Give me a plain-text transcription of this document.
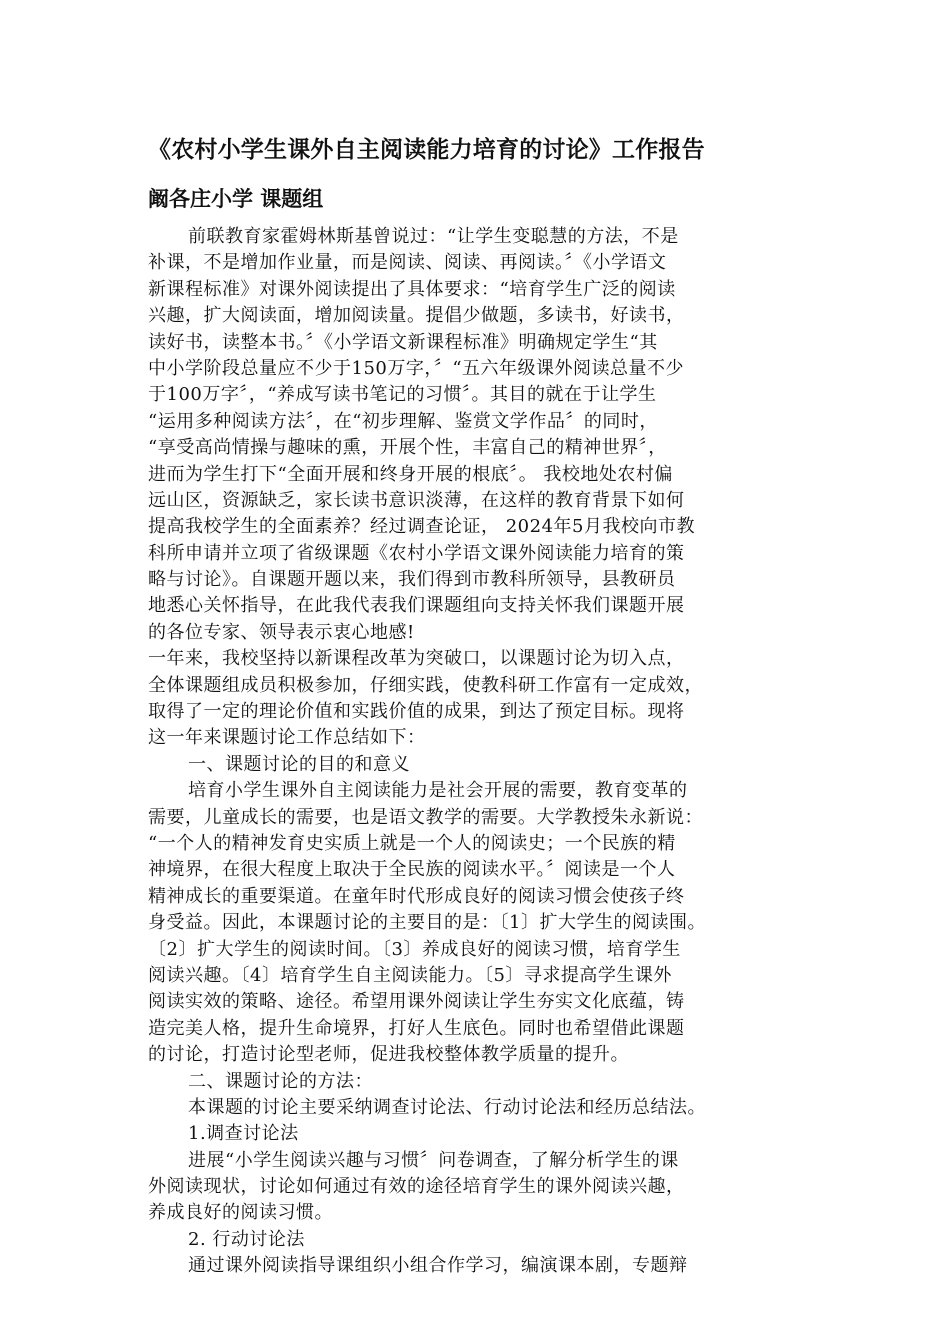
《农村小学生课外自主阅读能力培育的讨论》工作报告
阚各庄小学 课题组
前联教育家霍姆林斯基曾说过：“让学生变聪慧的方法，不是
补课，不是增加作业量，而是阅读、阅读、再阅读。〞《小学语文
新课程标准》对课外阅读提出了具体要求：“培育学生广泛的阅读
兴趣，扩大阅读面，增加阅读量。提倡少做题，多读书，好读书，
读好书，读整本书。〞《小学语文新课程标准》明确规定学生“其
中小学阶段总量应不少于150万字，〞“五六年级课外阅读总量不少
于100万字〞，“养成写读书笔记的习惯〞。其目的就在于让学生
“运用多种阅读方法〞，在“初步理解、鉴赏文学作品〞的同时，
“享受高尚情操与趣味的熏，开展个性，丰富自己的精神世界〞，
进而为学生打下“全面开展和终身开展的根底〞。 我校地处农村偏
远山区，资源缺乏，家长读书意识淡薄，在这样的教育背景下如何
提高我校学生的全面素养？经过调查论证， 2024年5月我校向市教
科所申请并立项了省级课题《农村小学语文课外阅读能力培育的策
略与讨论》。自课题开题以来，我们得到市教科所领导，县教研员
地悉心关怀指导，在此我代表我们课题组向支持关怀我们课题开展
的各位专家、领导表示衷心地感!
一年来，我校坚持以新课程改革为突破口，以课题讨论为切入点，
全体课题组成员积极参加，仔细实践，使教科研工作富有一定成效，
取得了一定的理论价值和实践价值的成果，到达了预定目标。现将
这一年来课题讨论工作总结如下：
一、课题讨论的目的和意义
培育小学生课外自主阅读能力是社会开展的需要，教育变革的
需要，儿童成长的需要，也是语文教学的需要。大学教授朱永新说：
“一个人的精神发育史实质上就是一个人的阅读史；一个民族的精
神境界，在很大程度上取决于全民族的阅读水平。〞阅读是一个人
精神成长的重要渠道。在童年时代形成良好的阅读习惯会使孩子终
身受益。因此，本课题讨论的主要目的是：〔1〕扩大学生的阅读围。
〔2〕扩大学生的阅读时间。〔3〕养成良好的阅读习惯，培育学生
阅读兴趣。〔4〕培育学生自主阅读能力。〔5〕寻求提高学生课外
阅读实效的策略、途径。希望用课外阅读让学生夯实文化底蕴，铸
造完美人格，提升生命境界，打好人生底色。同时也希望借此课题
的讨论，打造讨论型老师，促进我校整体教学质量的提升。
二、课题讨论的方法：
本课题的讨论主要采纳调查讨论法、行动讨论法和经历总结法。
1.调查讨论法
进展“小学生阅读兴趣与习惯〞问卷调查，了解分析学生的课
外阅读现状，讨论如何通过有效的途径培育学生的课外阅读兴趣，
养成良好的阅读习惯。
2. 行动讨论法
通过课外阅读指导课组织小组合作学习，编演课本剧，专题辩
